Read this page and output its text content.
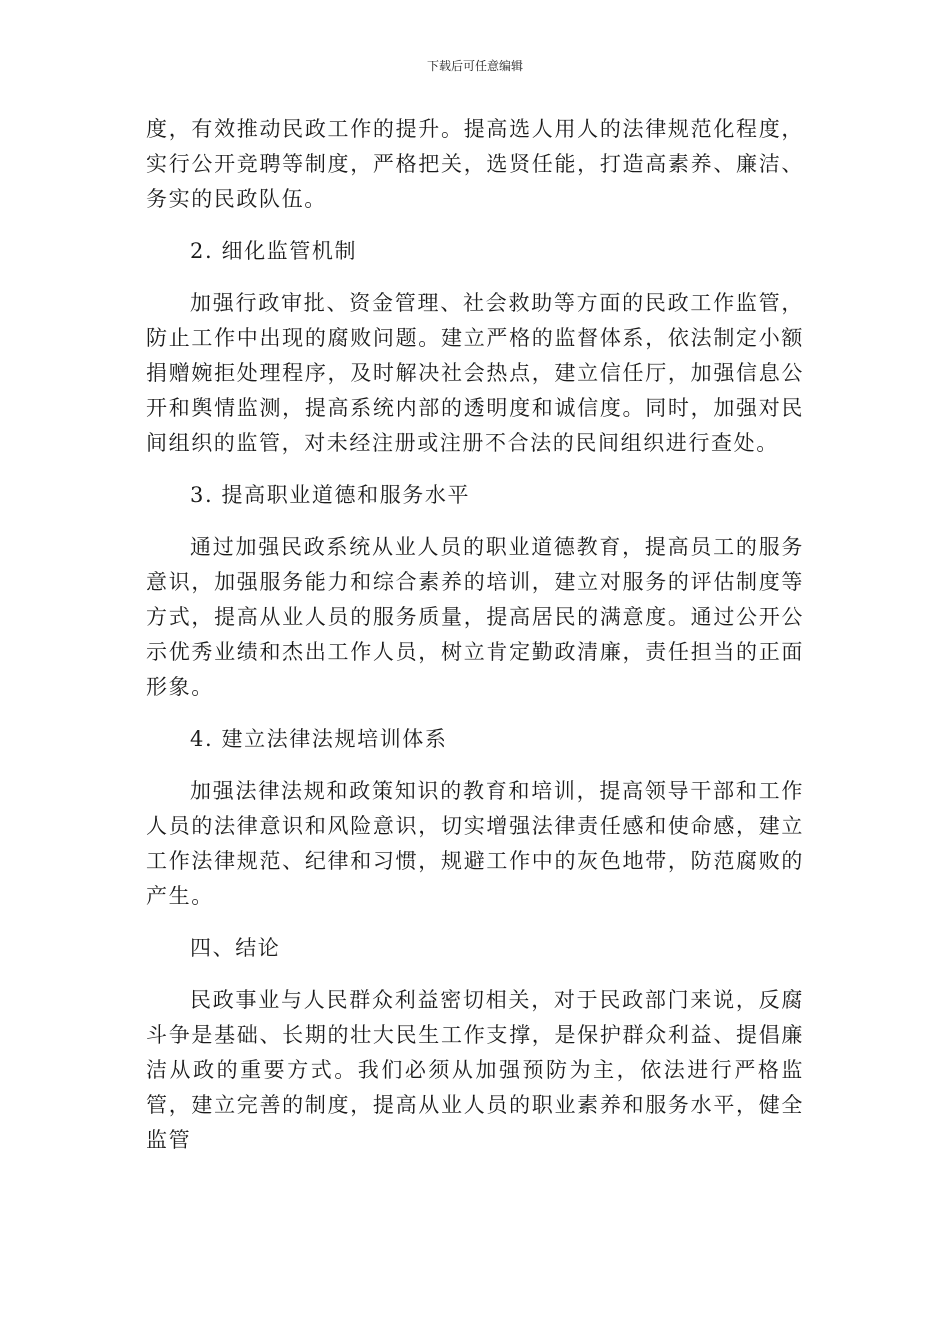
下载后可任意编辑

度，有效推动民政工作的提升。提高选人用人的法律规范化程度，实行公开竞聘等制度，严格把关，选贤任能，打造高素养、廉洁、务实的民政队伍。

2. 细化监管机制

加强行政审批、资金管理、社会救助等方面的民政工作监管，防止工作中出现的腐败问题。建立严格的监督体系，依法制定小额捐赠婉拒处理程序，及时解决社会热点，建立信任厅，加强信息公开和舆情监测，提高系统内部的透明度和诚信度。同时，加强对民间组织的监管，对未经注册或注册不合法的民间组织进行查处。

3. 提高职业道德和服务水平

通过加强民政系统从业人员的职业道德教育，提高员工的服务意识，加强服务能力和综合素养的培训，建立对服务的评估制度等方式，提高从业人员的服务质量，提高居民的满意度。通过公开公示优秀业绩和杰出工作人员，树立肯定勤政清廉，责任担当的正面形象。

4. 建立法律法规培训体系

加强法律法规和政策知识的教育和培训，提高领导干部和工作人员的法律意识和风险意识，切实增强法律责任感和使命感，建立工作法律规范、纪律和习惯，规避工作中的灰色地带，防范腐败的产生。

四、结论

民政事业与人民群众利益密切相关，对于民政部门来说，反腐斗争是基础、长期的壮大民生工作支撑，是保护群众利益、提倡廉洁从政的重要方式。我们必须从加强预防为主，依法进行严格监管，建立完善的制度，提高从业人员的职业素养和服务水平，健全监管
